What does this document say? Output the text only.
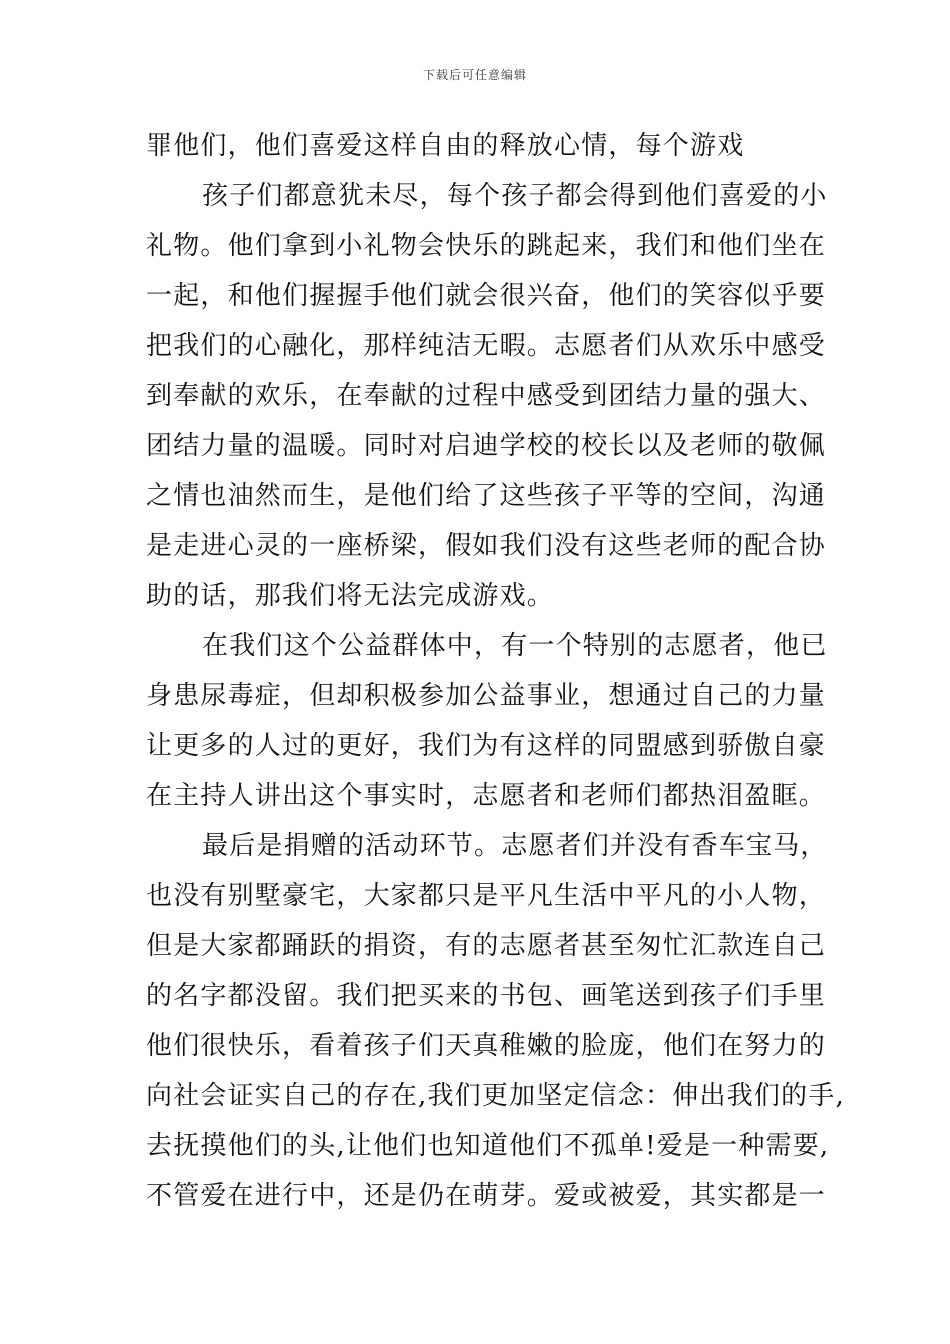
下载后可任意编辑
罪他们，他们喜爱这样自由的释放心情，每个游戏
孩子们都意犹未尽，每个孩子都会得到他们喜爱的小
礼物。他们拿到小礼物会快乐的跳起来，我们和他们坐在
一起，和他们握握手他们就会很兴奋，他们的笑容似乎要
把我们的心融化，那样纯洁无暇。志愿者们从欢乐中感受
到奉献的欢乐，在奉献的过程中感受到团结力量的强大、
团结力量的温暖。同时对启迪学校的校长以及老师的敬佩
之情也油然而生，是他们给了这些孩子平等的空间，沟通
是走进心灵的一座桥梁，假如我们没有这些老师的配合协
助的话，那我们将无法完成游戏。
在我们这个公益群体中，有一个特别的志愿者，他已
身患尿毒症，但却积极参加公益事业，想通过自己的力量
让更多的人过的更好，我们为有这样的同盟感到骄傲自豪
在主持人讲出这个事实时，志愿者和老师们都热泪盈眶。
最后是捐赠的活动环节。志愿者们并没有香车宝马，
也没有别墅豪宅，大家都只是平凡生活中平凡的小人物，
但是大家都踊跃的捐资，有的志愿者甚至匆忙汇款连自己
的名字都没留。我们把买来的书包、画笔送到孩子们手里
他们很快乐，看着孩子们天真稚嫩的脸庞，他们在努力的
向社会证实自己的存在,我们更加坚定信念：伸出我们的手,
去抚摸他们的头,让他们也知道他们不孤单!爱是一种需要,
不管爱在进行中，还是仍在萌芽。爱或被爱，其实都是一
